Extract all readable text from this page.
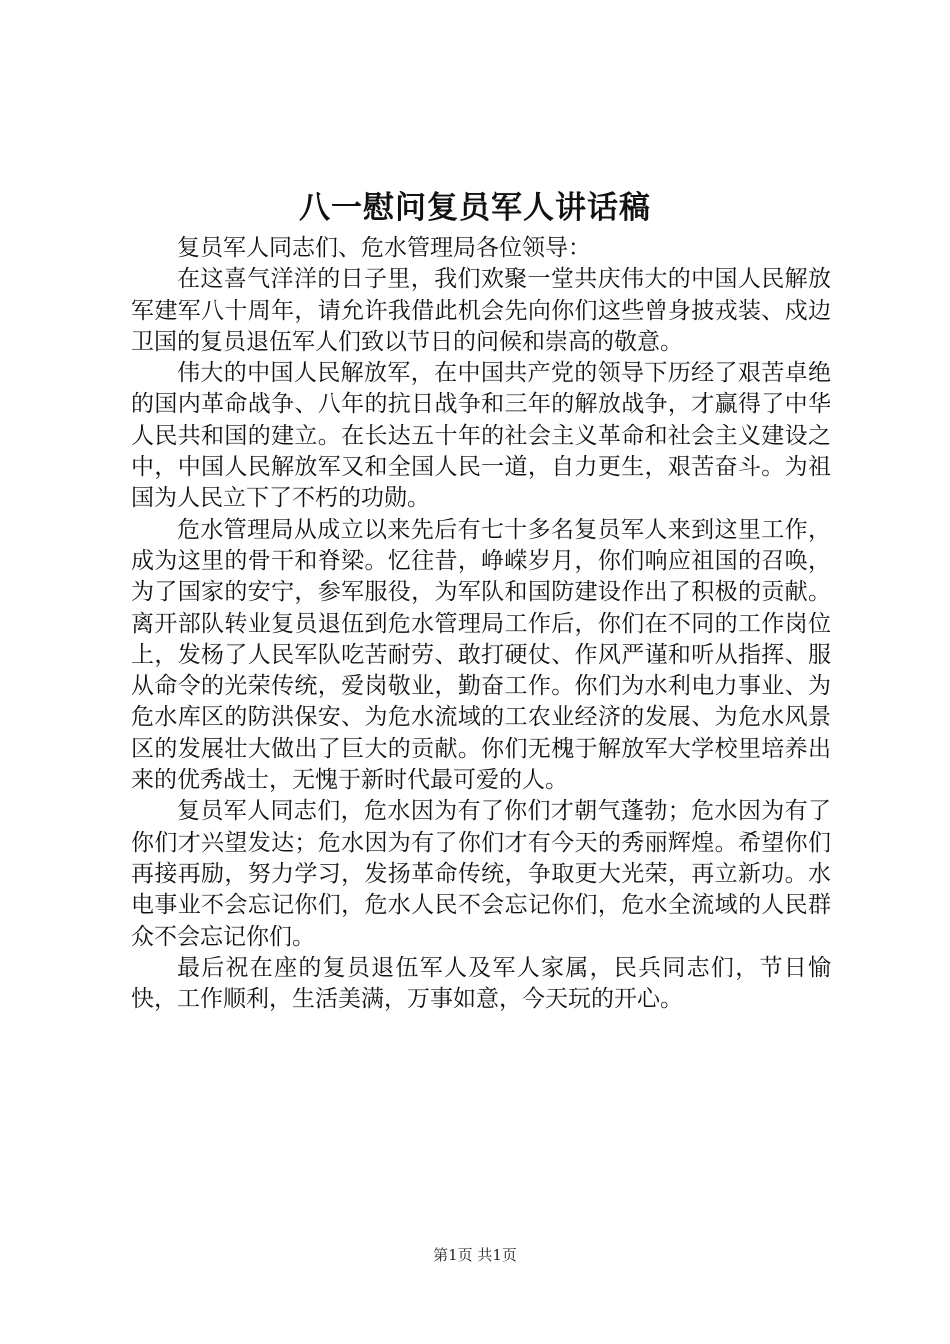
八一慰问复员军人讲话稿

复员军人同志们、危水管理局各位领导：

在这喜气洋洋的日子里，我们欢聚一堂共庆伟大的中国人民解放军建军八十周年，请允许我借此机会先向你们这些曾身披戎装、戍边卫国的复员退伍军人们致以节日的问候和崇高的敬意。

伟大的中国人民解放军，在中国共产党的领导下历经了艰苦卓绝的国内革命战争、八年的抗日战争和三年的解放战争，才赢得了中华人民共和国的建立。在长达五十年的社会主义革命和社会主义建设之中，中国人民解放军又和全国人民一道，自力更生，艰苦奋斗。为祖国为人民立下了不朽的功勋。

危水管理局从成立以来先后有七十多名复员军人来到这里工作，成为这里的骨干和脊梁。忆往昔，峥嵘岁月，你们响应祖国的召唤，为了国家的安宁，参军服役，为军队和国防建设作出了积极的贡献。离开部队转业复员退伍到危水管理局工作后，你们在不同的工作岗位上，发杨了人民军队吃苦耐劳、敢打硬仗、作风严谨和听从指挥、服从命令的光荣传统，爱岗敬业，勤奋工作。你们为水利电力事业、为危水库区的防洪保安、为危水流域的工农业经济的发展、为危水风景区的发展壮大做出了巨大的贡献。你们无槐于解放军大学校里培养出来的优秀战士，无愧于新时代最可爱的人。

复员军人同志们，危水因为有了你们才朝气蓬勃；危水因为有了你们才兴望发达；危水因为有了你们才有今天的秀丽辉煌。希望你们再接再励，努力学习，发扬革命传统，争取更大光荣，再立新功。水电事业不会忘记你们，危水人民不会忘记你们，危水全流域的人民群众不会忘记你们。

最后祝在座的复员退伍军人及军人家属，民兵同志们，节日愉快，工作顺利，生活美满，万事如意，今天玩的开心。

第1页 共1页
